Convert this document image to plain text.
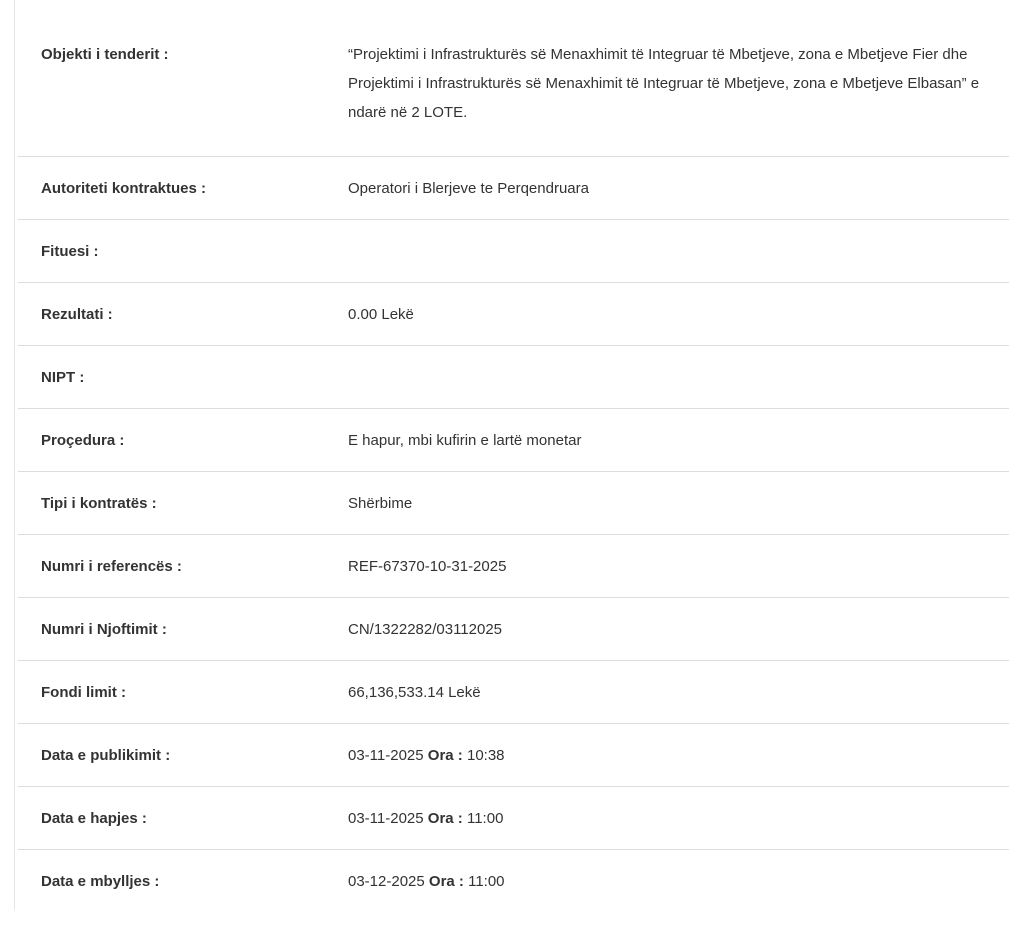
Objekti i tenderit :	“Projektimi i Infrastrukturës së Menaxhimit të Integruar të Mbetjeve, zona e Mbetjeve Fier dhe Projektimi i Infrastrukturës së Menaxhimit të Integruar të Mbetjeve, zona e Mbetjeve Elbasan” e ndarë në 2 LOTE.
Autoriteti kontraktues :	Operatori i Blerjeve te Perqendruara
Fituesi :
Rezultati :	0.00 Lekë
NIPT :
Proçedura :	E hapur, mbi kufirin e lartë monetar
Tipi i kontratës :	Shërbime
Numri i referencës :	REF-67370-10-31-2025
Numri i Njoftimit :	CN/1322282/03112025
Fondi limit :	66,136,533.14 Lekë
Data e publikimit :	03-11-2025 Ora : 10:38
Data e hapjes :	03-11-2025 Ora : 11:00
Data e mbylljes :	03-12-2025 Ora : 11:00
